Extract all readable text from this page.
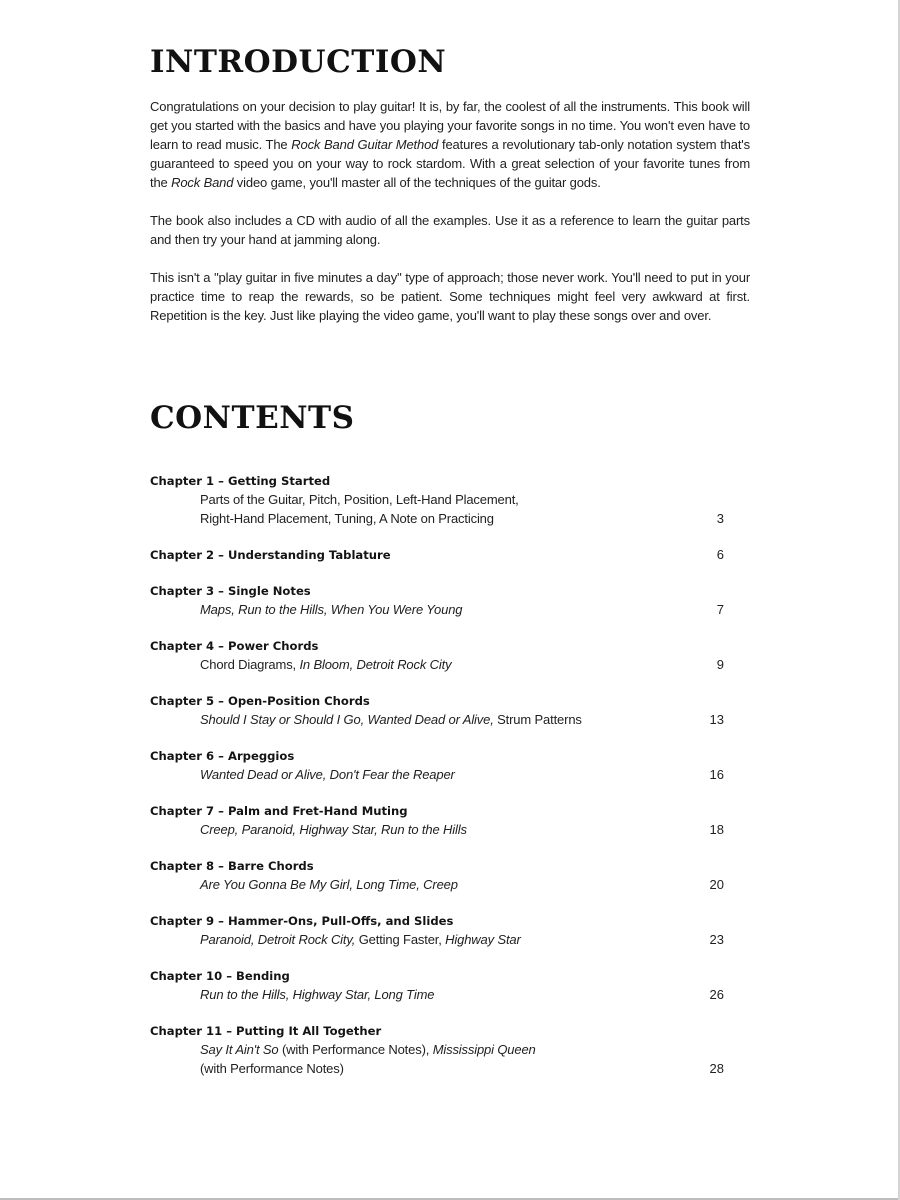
INTRODUCTION

Congratulations on your decision to play guitar! It is, by far, the coolest of all the instruments. This book will get you started with the basics and have you playing your favorite songs in no time. You won't even have to learn to read music. The Rock Band Guitar Method features a revolutionary tab-only notation system that's guaranteed to speed you on your way to rock stardom. With a great selection of your favorite tunes from the Rock Band video game, you'll master all of the techniques of the guitar gods.

The book also includes a CD with audio of all the examples. Use it as a reference to learn the guitar parts and then try your hand at jamming along.

This isn't a "play guitar in five minutes a day" type of approach; those never work. You'll need to put in your practice time to reap the rewards, so be patient. Some techniques might feel very awkward at first. Repetition is the key. Just like playing the video game, you'll want to play these songs over and over.

CONTENTS
Chapter 1 – Getting Started
Parts of the Guitar, Pitch, Position, Left-Hand Placement,
Right-Hand Placement, Tuning, A Note on Practicing	3
Chapter 2 – Understanding Tablature	6
Chapter 3 – Single Notes
Maps, Run to the Hills, When You Were Young	7
Chapter 4 – Power Chords
Chord Diagrams, In Bloom, Detroit Rock City	9
Chapter 5 – Open-Position Chords
Should I Stay or Should I Go, Wanted Dead or Alive, Strum Patterns	13
Chapter 6 – Arpeggios
Wanted Dead or Alive, Don't Fear the Reaper	16
Chapter 7 – Palm and Fret-Hand Muting
Creep, Paranoid, Highway Star, Run to the Hills	18
Chapter 8 – Barre Chords
Are You Gonna Be My Girl, Long Time, Creep	20
Chapter 9 – Hammer-Ons, Pull-Offs, and Slides
Paranoid, Detroit Rock City, Getting Faster, Highway Star	23
Chapter 10 – Bending
Run to the Hills, Highway Star, Long Time	26
Chapter 11 – Putting It All Together
Say It Ain't So (with Performance Notes), Mississippi Queen
(with Performance Notes)	28
